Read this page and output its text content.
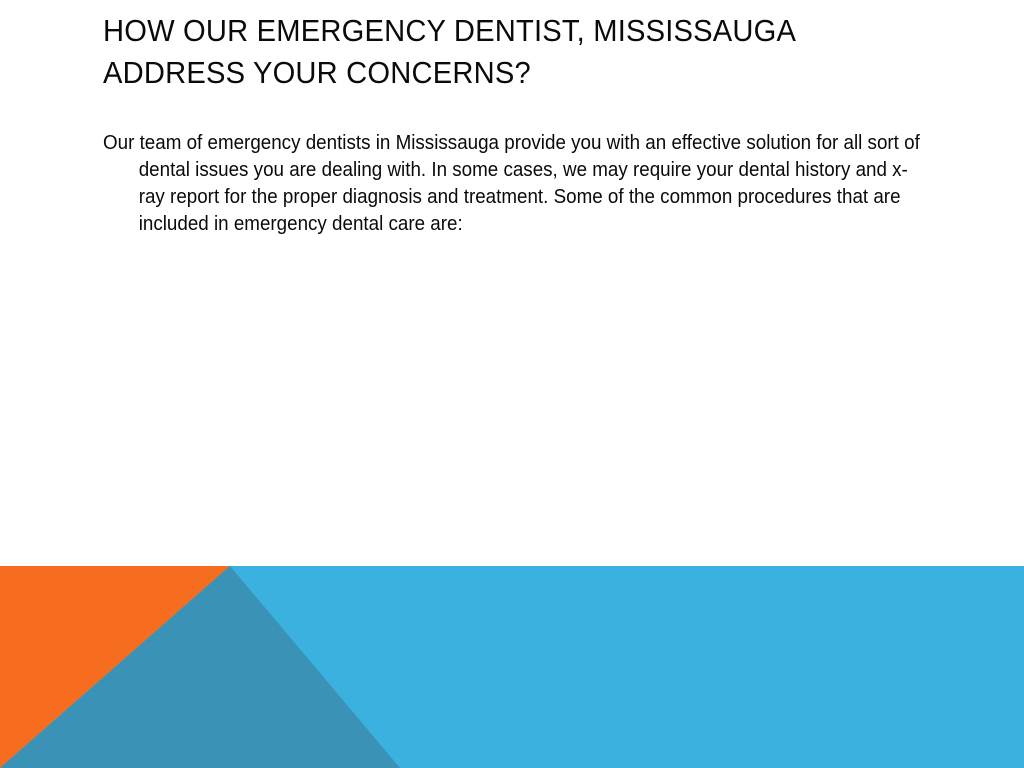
HOW OUR EMERGENCY DENTIST, MISSISSAUGA ADDRESS YOUR CONCERNS?

Our team of emergency dentists in Mississauga provide you with an effective solution for all sort of dental issues you are dealing with. In some cases, we may require your dental history and x-ray report for the proper diagnosis and treatment. Some of the common procedures that are included in emergency dental care are:
